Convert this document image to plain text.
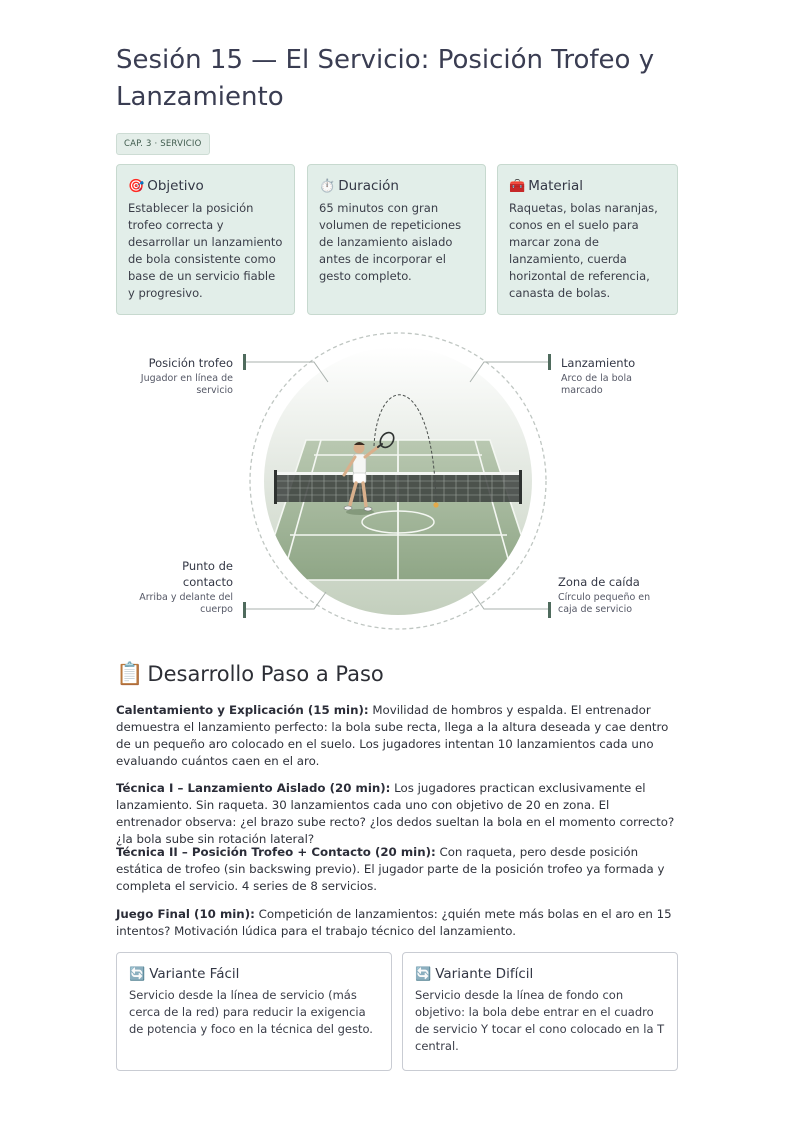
Sesión 15 — El Servicio: Posición Trofeo y Lanzamiento
CAP. 3 · SERVICIO
🎯 Objetivo
Establecer la posición trofeo correcta y desarrollar un lanzamiento de bola consistente como base de un servicio fiable y progresivo.
⏱️ Duración
65 minutos con gran volumen de repeticiones de lanzamiento aislado antes de incorporar el gesto completo.
🧰 Material
Raquetas, bolas naranjas, conos en el suelo para marcar zona de lanzamiento, cuerda horizontal de referencia, canasta de bolas.
Posición trofeo
Jugador en línea de servicio
Lanzamiento
Arco de la bola marcado
Punto de contacto
Arriba y delante del cuerpo
Zona de caída
Círculo pequeño en caja de servicio
📋 Desarrollo Paso a Paso

Calentamiento y Explicación (15 min): Movilidad de hombros y espalda. El entrenador demuestra el lanzamiento perfecto: la bola sube recta, llega a la altura deseada y cae dentro de un pequeño aro colocado en el suelo. Los jugadores intentan 10 lanzamientos cada uno evaluando cuántos caen en el aro.

Técnica I – Lanzamiento Aislado (20 min): Los jugadores practican exclusivamente el lanzamiento. Sin raqueta. 30 lanzamientos cada uno con objetivo de 20 en zona. El entrenador observa: ¿el brazo sube recto? ¿los dedos sueltan la bola en el momento correcto? ¿la bola sube sin rotación lateral?

Técnica II – Posición Trofeo + Contacto (20 min): Con raqueta, pero desde posición estática de trofeo (sin backswing previo). El jugador parte de la posición trofeo ya formada y completa el servicio. 4 series de 8 servicios.

Juego Final (10 min): Competición de lanzamientos: ¿quién mete más bolas en el aro en 15 intentos? Motivación lúdica para el trabajo técnico del lanzamiento.

🔄 Variante Fácil
Servicio desde la línea de servicio (más cerca de la red) para reducir la exigencia de potencia y foco en la técnica del gesto.
🔄 Variante Difícil
Servicio desde la línea de fondo con objetivo: la bola debe entrar en el cuadro de servicio Y tocar el cono colocado en la T central.
